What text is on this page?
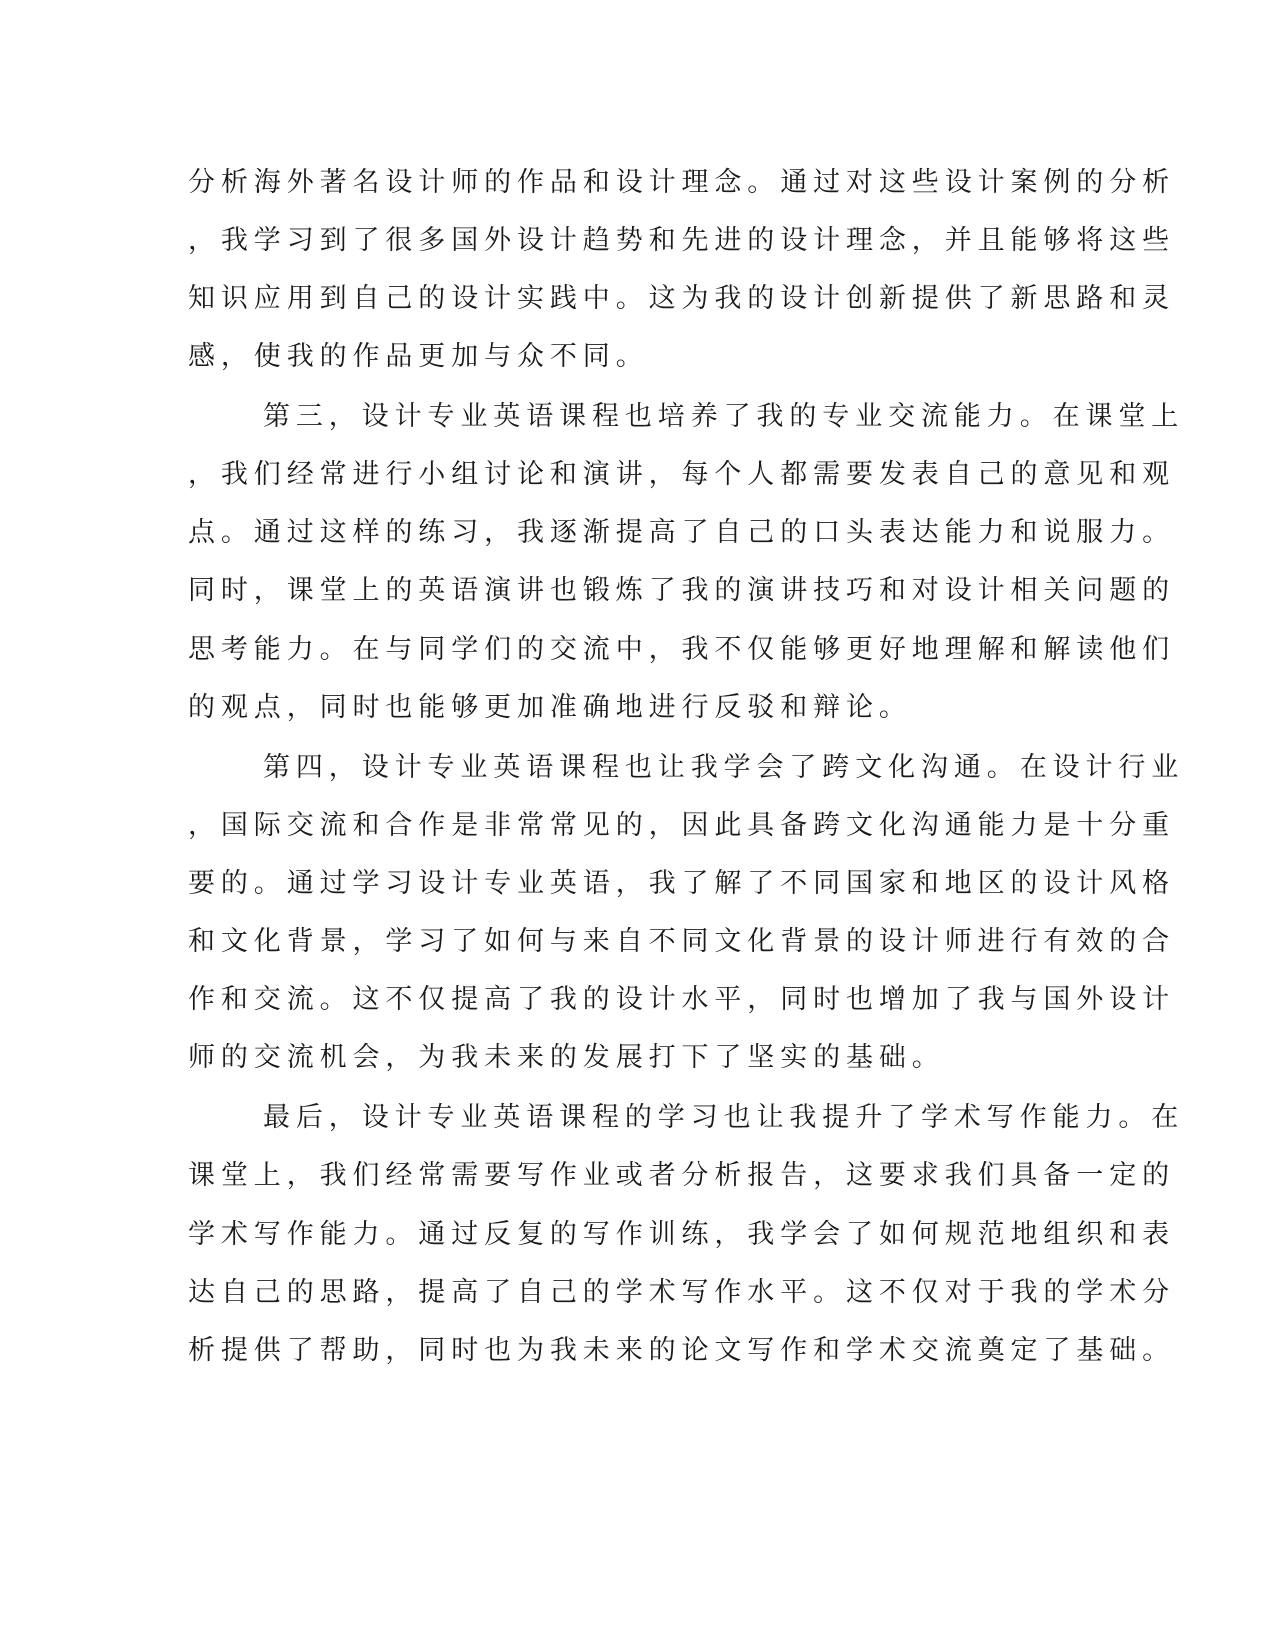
分析海外著名设计师的作品和设计理念。通过对这些设计案例的分析
，我学习到了很多国外设计趋势和先进的设计理念，并且能够将这些
知识应用到自己的设计实践中。这为我的设计创新提供了新思路和灵
感，使我的作品更加与众不同。
第三，设计专业英语课程也培养了我的专业交流能力。在课堂上
，我们经常进行小组讨论和演讲，每个人都需要发表自己的意见和观
点。通过这样的练习，我逐渐提高了自己的口头表达能力和说服力。
同时，课堂上的英语演讲也锻炼了我的演讲技巧和对设计相关问题的
思考能力。在与同学们的交流中，我不仅能够更好地理解和解读他们
的观点，同时也能够更加准确地进行反驳和辩论。
第四，设计专业英语课程也让我学会了跨文化沟通。在设计行业
，国际交流和合作是非常常见的，因此具备跨文化沟通能力是十分重
要的。通过学习设计专业英语，我了解了不同国家和地区的设计风格
和文化背景，学习了如何与来自不同文化背景的设计师进行有效的合
作和交流。这不仅提高了我的设计水平，同时也增加了我与国外设计
师的交流机会，为我未来的发展打下了坚实的基础。
最后，设计专业英语课程的学习也让我提升了学术写作能力。在
课堂上，我们经常需要写作业或者分析报告，这要求我们具备一定的
学术写作能力。通过反复的写作训练，我学会了如何规范地组织和表
达自己的思路，提高了自己的学术写作水平。这不仅对于我的学术分
析提供了帮助，同时也为我未来的论文写作和学术交流奠定了基础。
